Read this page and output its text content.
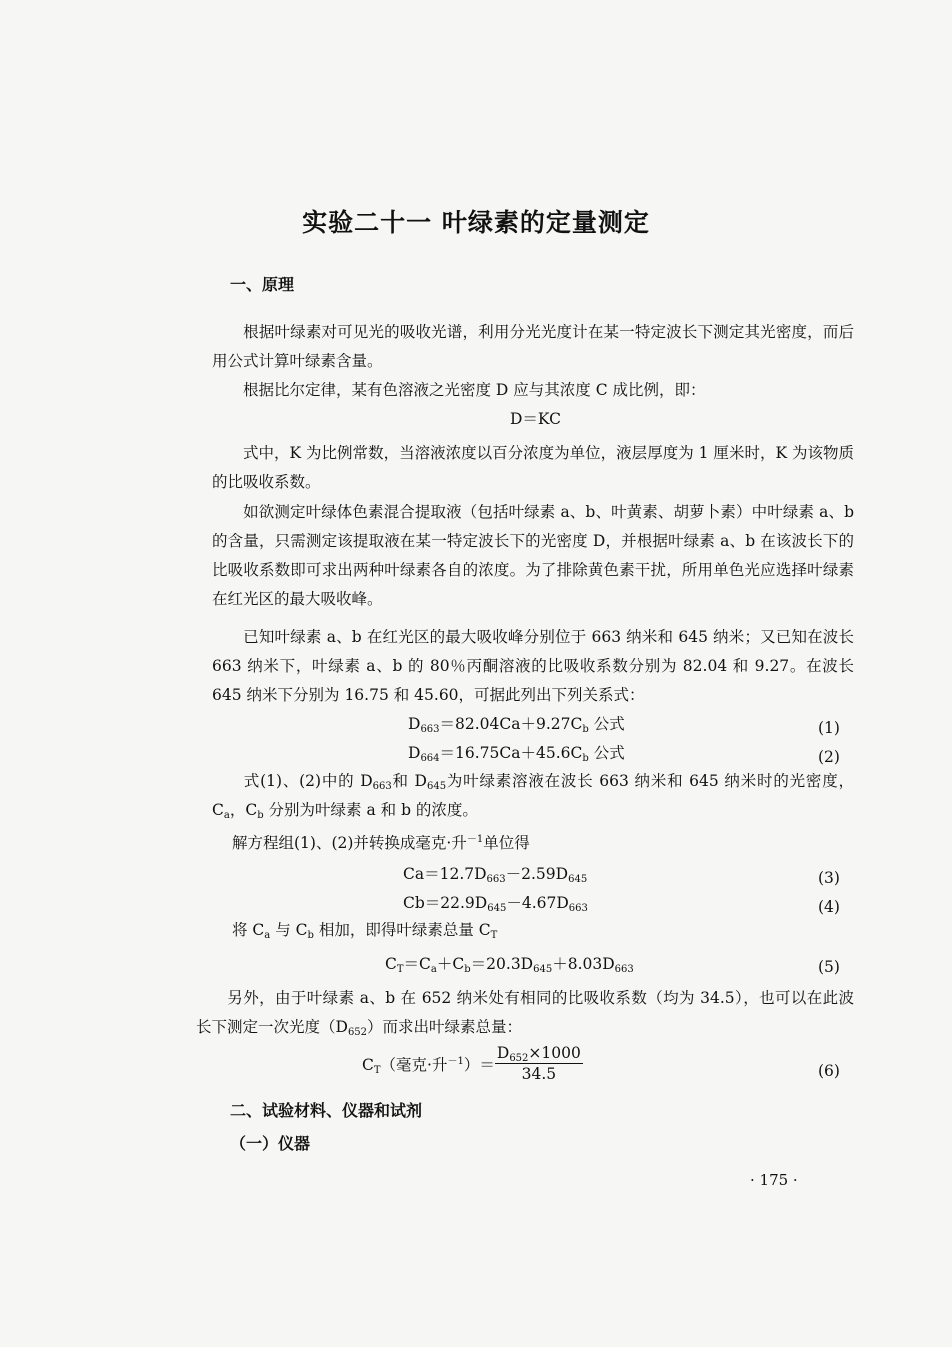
实验二十一 叶绿素的定量测定
一、原理
根据叶绿素对可见光的吸收光谱，利用分光光度计在某一特定波长下测定其光密度，而后用公式计算叶绿素含量。
根据比尔定律，某有色溶液之光密度 D 应与其浓度 C 成比例，即：
D＝KC
式中，K 为比例常数，当溶液浓度以百分浓度为单位，液层厚度为 1 厘米时，K 为该物质的比吸收系数。
如欲测定叶绿体色素混合提取液（包括叶绿素 a、b、叶黄素、胡萝卜素）中叶绿素 a、b 的含量，只需测定该提取液在某一特定波长下的光密度 D，并根据叶绿素 a、b 在该波长下的比吸收系数即可求出两种叶绿素各自的浓度。为了排除黄色素干扰，所用单色光应选择叶绿素在红光区的最大吸收峰。
已知叶绿素 a、b 在红光区的最大吸收峰分别位于 663 纳米和 645 纳米；又已知在波长 663 纳米下，叶绿素 a、b 的 80％丙酮溶液的比吸收系数分别为 82.04 和 9.27。在波长 645 纳米下分别为 16.75 和 45.60，可据此列出下列关系式：
$D_{663}=82.04Ca+9.27C_b$ 公式	(1)
$D_{664}=16.75Ca+45.6C_b$ 公式	(2)
式(1)、(2)中的 $D_{663}$和 $D_{645}$为叶绿素溶液在波长 663 纳米和 645 纳米时的光密度，$C_a$，$C_b$ 分别为叶绿素 a 和 b 的浓度。
解方程组(1)、(2)并转换成毫克·升$^{-1}$单位得
$Ca=12.7D_{663}-2.59D_{645}$	(3)
$Cb=22.9D_{645}-4.67D_{663}$	(4)
将 $C_a$ 与 $C_b$ 相加，即得叶绿素总量 $C_T$
$C_T=C_a+C_b=20.3D_{645}+8.03D_{663}$	(5)
另外，由于叶绿素 a、b 在 652 纳米处有相同的比吸收系数（均为 34.5），也可以在此波长下测定一次光度$(D_{652})$而求出叶绿素总量：
$C_T$（毫克·升$^{-1})= \frac{D_{652}\times 1000}{34.5}$	(6)
二、试验材料、仪器和试剂
（一）仪器
· 175 ·
